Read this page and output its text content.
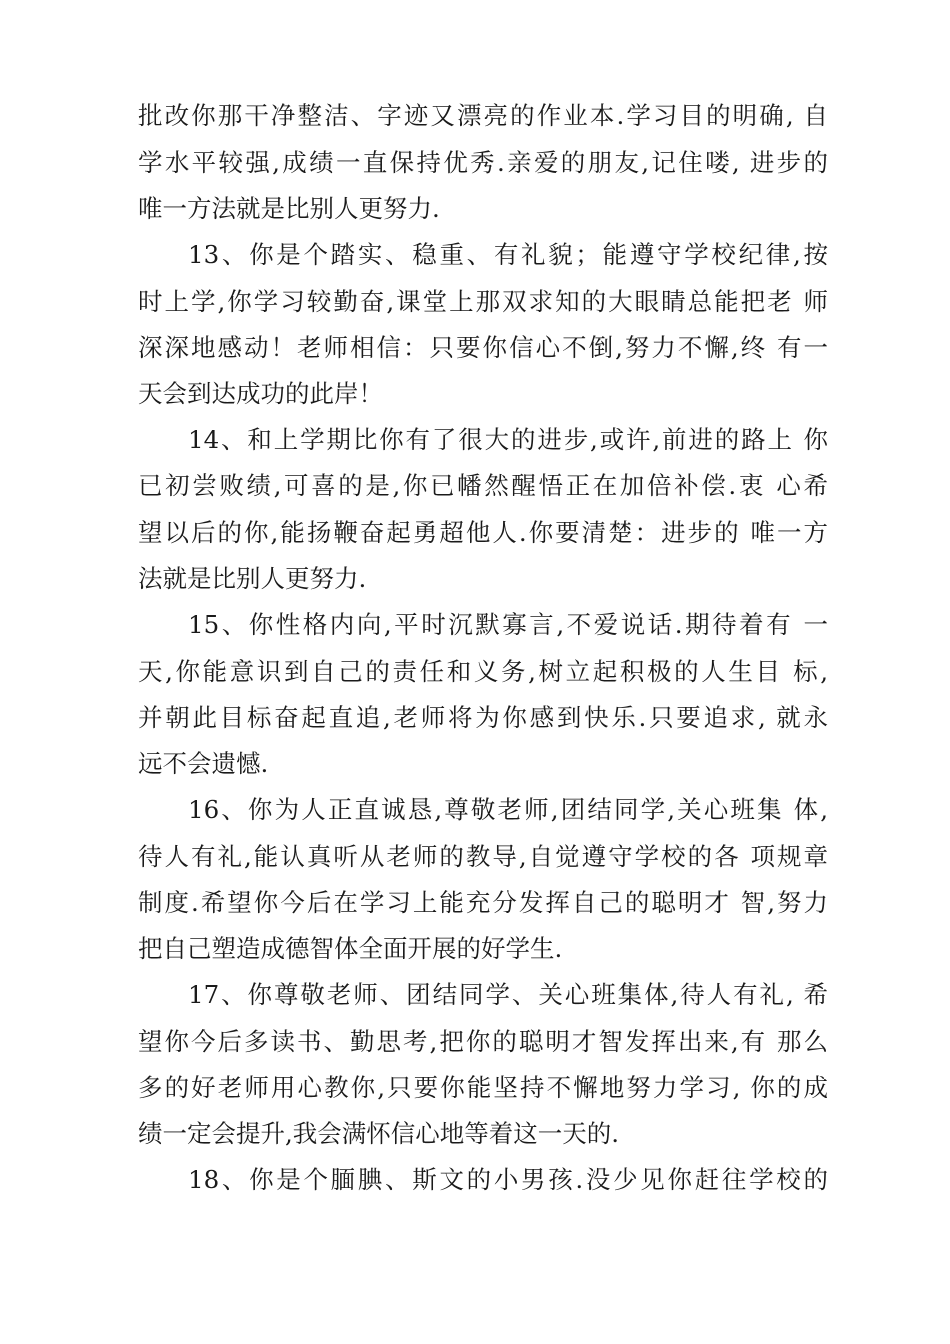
批改你那干净整洁、字迹又漂亮的作业本.学习目的明确, 自
学水平较强,成绩一直保持优秀.亲爱的朋友,记住喽, 进步的
唯一方法就是比别人更努力.
13、你是个踏实、稳重、有礼貌；能遵守学校纪律,按
时上学,你学习较勤奋,课堂上那双求知的大眼睛总能把老 师
深深地感动！老师相信：只要你信心不倒,努力不懈,终 有一
天会到达成功的此岸！
14、和上学期比你有了很大的进步,或许,前进的路上 你
已初尝败绩,可喜的是,你已幡然醒悟正在加倍补偿.衷 心希
望以后的你,能扬鞭奋起勇超他人.你要清楚：进步的 唯一方
法就是比别人更努力.
15、你性格内向,平时沉默寡言,不爱说话.期待着有 一
天,你能意识到自己的责任和义务,树立起积极的人生目 标,
并朝此目标奋起直追,老师将为你感到快乐.只要追求, 就永
远不会遗憾.
16、你为人正直诚恳,尊敬老师,团结同学,关心班集 体,
待人有礼,能认真听从老师的教导,自觉遵守学校的各 项规章
制度.希望你今后在学习上能充分发挥自己的聪明才 智,努力
把自己塑造成德智体全面开展的好学生.
17、你尊敬老师、团结同学、关心班集体,待人有礼, 希
望你今后多读书、勤思考,把你的聪明才智发挥出来,有 那么
多的好老师用心教你,只要你能坚持不懈地努力学习, 你的成
绩一定会提升,我会满怀信心地等着这一天的.
18、你是个腼腆、斯文的小男孩.没少见你赶往学校的
